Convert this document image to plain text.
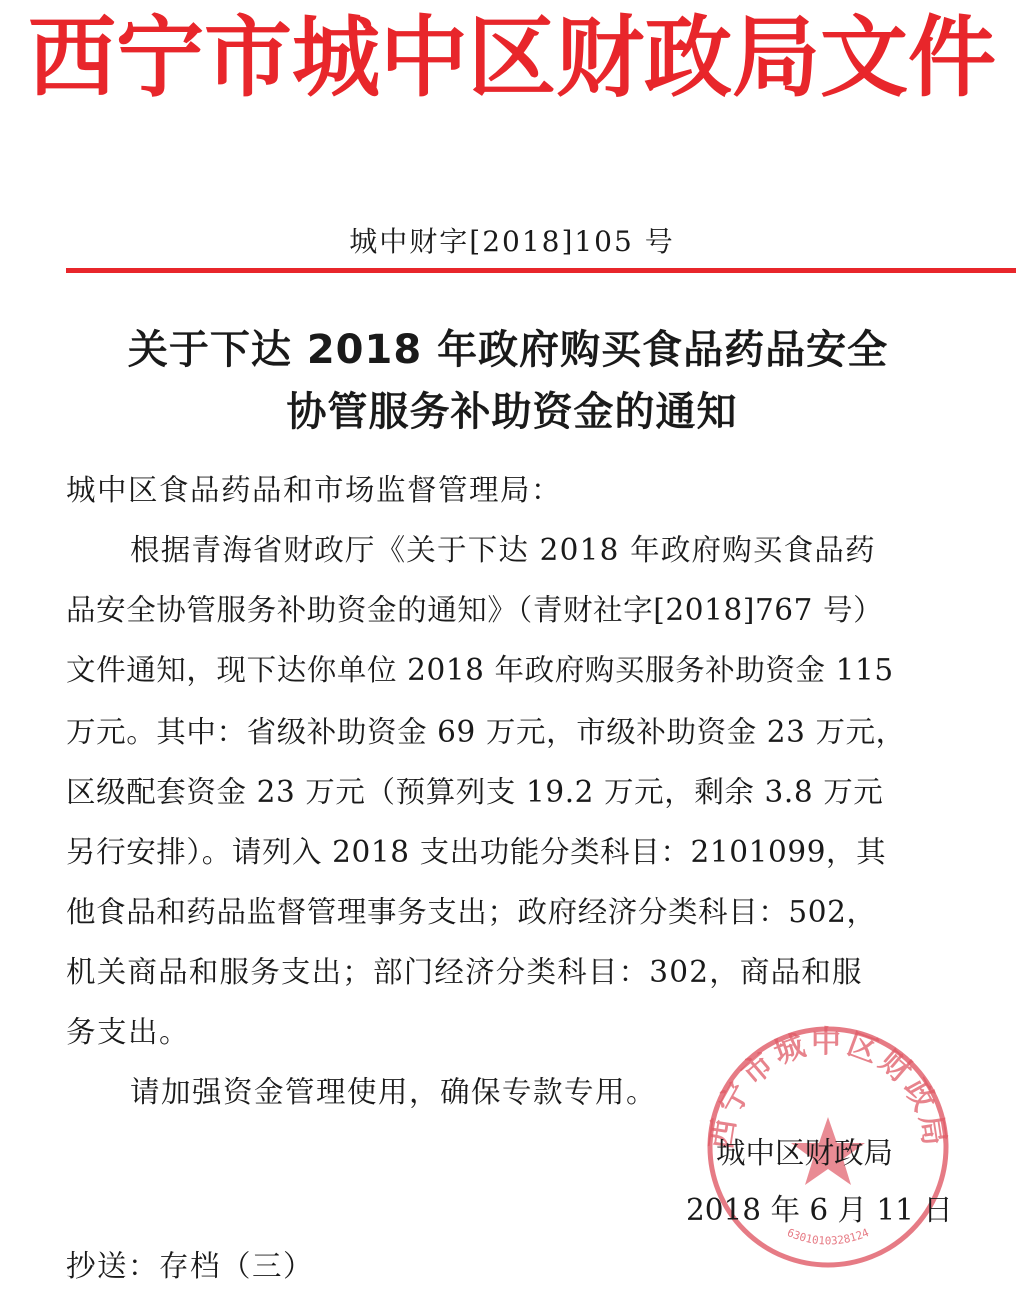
西宁市城中区财政局文件
城中财字[2018]105 号
关于下达 2018 年政府购买食品药品安全
协管服务补助资金的通知
城中区食品药品和市场监督管理局：
根据青海省财政厅《关于下达 2018 年政府购买食品药
品安全协管服务补助资金的通知》（青财社字[2018]767 号）
文件通知，现下达你单位 2018 年政府购买服务补助资金 115
万元。其中：省级补助资金 69 万元，市级补助资金 23 万元，
区级配套资金 23 万元（预算列支 19.2 万元，剩余 3.8 万元
另行安排）。请列入 2018 支出功能分类科目：2101099，其
他食品和药品监督管理事务支出；政府经济分类科目：502，
机关商品和服务支出；部门经济分类科目：302，商品和服
务支出。
请加强资金管理使用，确保专款专用。
西宁市城中区财政局
6301010328124
城中区财政局
2018 年 6 月 11 日
抄送：存档（三）
